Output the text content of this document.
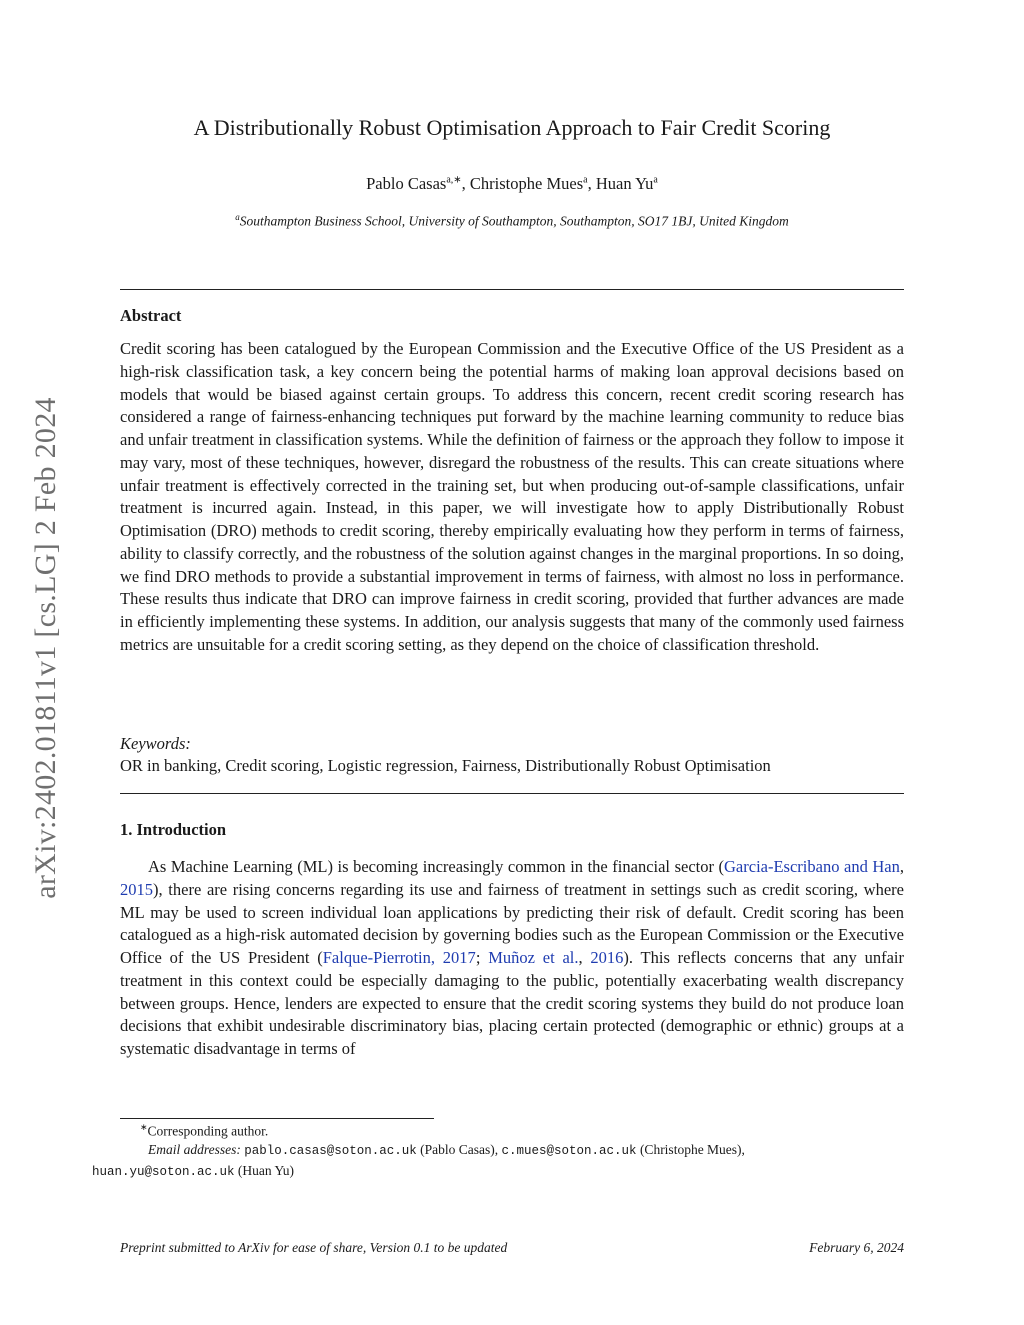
arXiv:2402.01811v1 [cs.LG] 2 Feb 2024
A Distributionally Robust Optimisation Approach to Fair Credit Scoring
Pablo Casas$^{a,∗}$, Christophe Mues$^a$, Huan Yu$^a$
$^a$Southampton Business School, University of Southampton, Southampton, SO17 1BJ, United Kingdom
Abstract

Credit scoring has been catalogued by the European Commission and the Executive Office of the US President as a high-risk classification task, a key concern being the potential harms of making loan approval decisions based on models that would be biased against certain groups. To address this concern, recent credit scoring research has considered a range of fairness-enhancing techniques put forward by the machine learning community to reduce bias and unfair treatment in classification systems. While the definition of fairness or the approach they follow to impose it may vary, most of these techniques, however, disregard the robustness of the results. This can create situations where unfair treatment is effectively corrected in the training set, but when producing out-of-sample classifications, unfair treatment is incurred again. Instead, in this paper, we will investigate how to apply Distributionally Robust Optimisation (DRO) methods to credit scoring, thereby empirically evaluating how they perform in terms of fairness, ability to classify correctly, and the robustness of the solution against changes in the marginal proportions. In so doing, we find DRO methods to provide a substantial improvement in terms of fairness, with almost no loss in performance. These results thus indicate that DRO can improve fairness in credit scoring, provided that further advances are made in efficiently implementing these systems. In addition, our analysis suggests that many of the commonly used fairness metrics are unsuitable for a credit scoring setting, as they depend on the choice of classification threshold.

Keywords:
OR in banking, Credit scoring, Logistic regression, Fairness, Distributionally Robust Optimisation
1. Introduction

As Machine Learning (ML) is becoming increasingly common in the financial sector (Garcia-Escribano and Han, 2015), there are rising concerns regarding its use and fairness of treatment in settings such as credit scoring, where ML may be used to screen individual loan applications by predicting their risk of default. Credit scoring has been catalogued as a high-risk automated decision by governing bodies such as the European Commission or the Executive Office of the US President (Falque-Pierrotin, 2017; Muñoz et al., 2016). This reflects concerns that any unfair treatment in this context could be especially damaging to the public, potentially exacerbating wealth discrepancy between groups. Hence, lenders are expected to ensure that the credit scoring systems they build do not produce loan decisions that exhibit undesirable discriminatory bias, placing certain protected (demographic or ethnic) groups at a systematic disadvantage in terms of

∗Corresponding author.
Email addresses: pablo.casas@soton.ac.uk (Pablo Casas), c.mues@soton.ac.uk (Christophe Mues),
huan.yu@soton.ac.uk (Huan Yu)
Preprint submitted to ArXiv for ease of share, Version 0.1 to be updated	February 6, 2024
